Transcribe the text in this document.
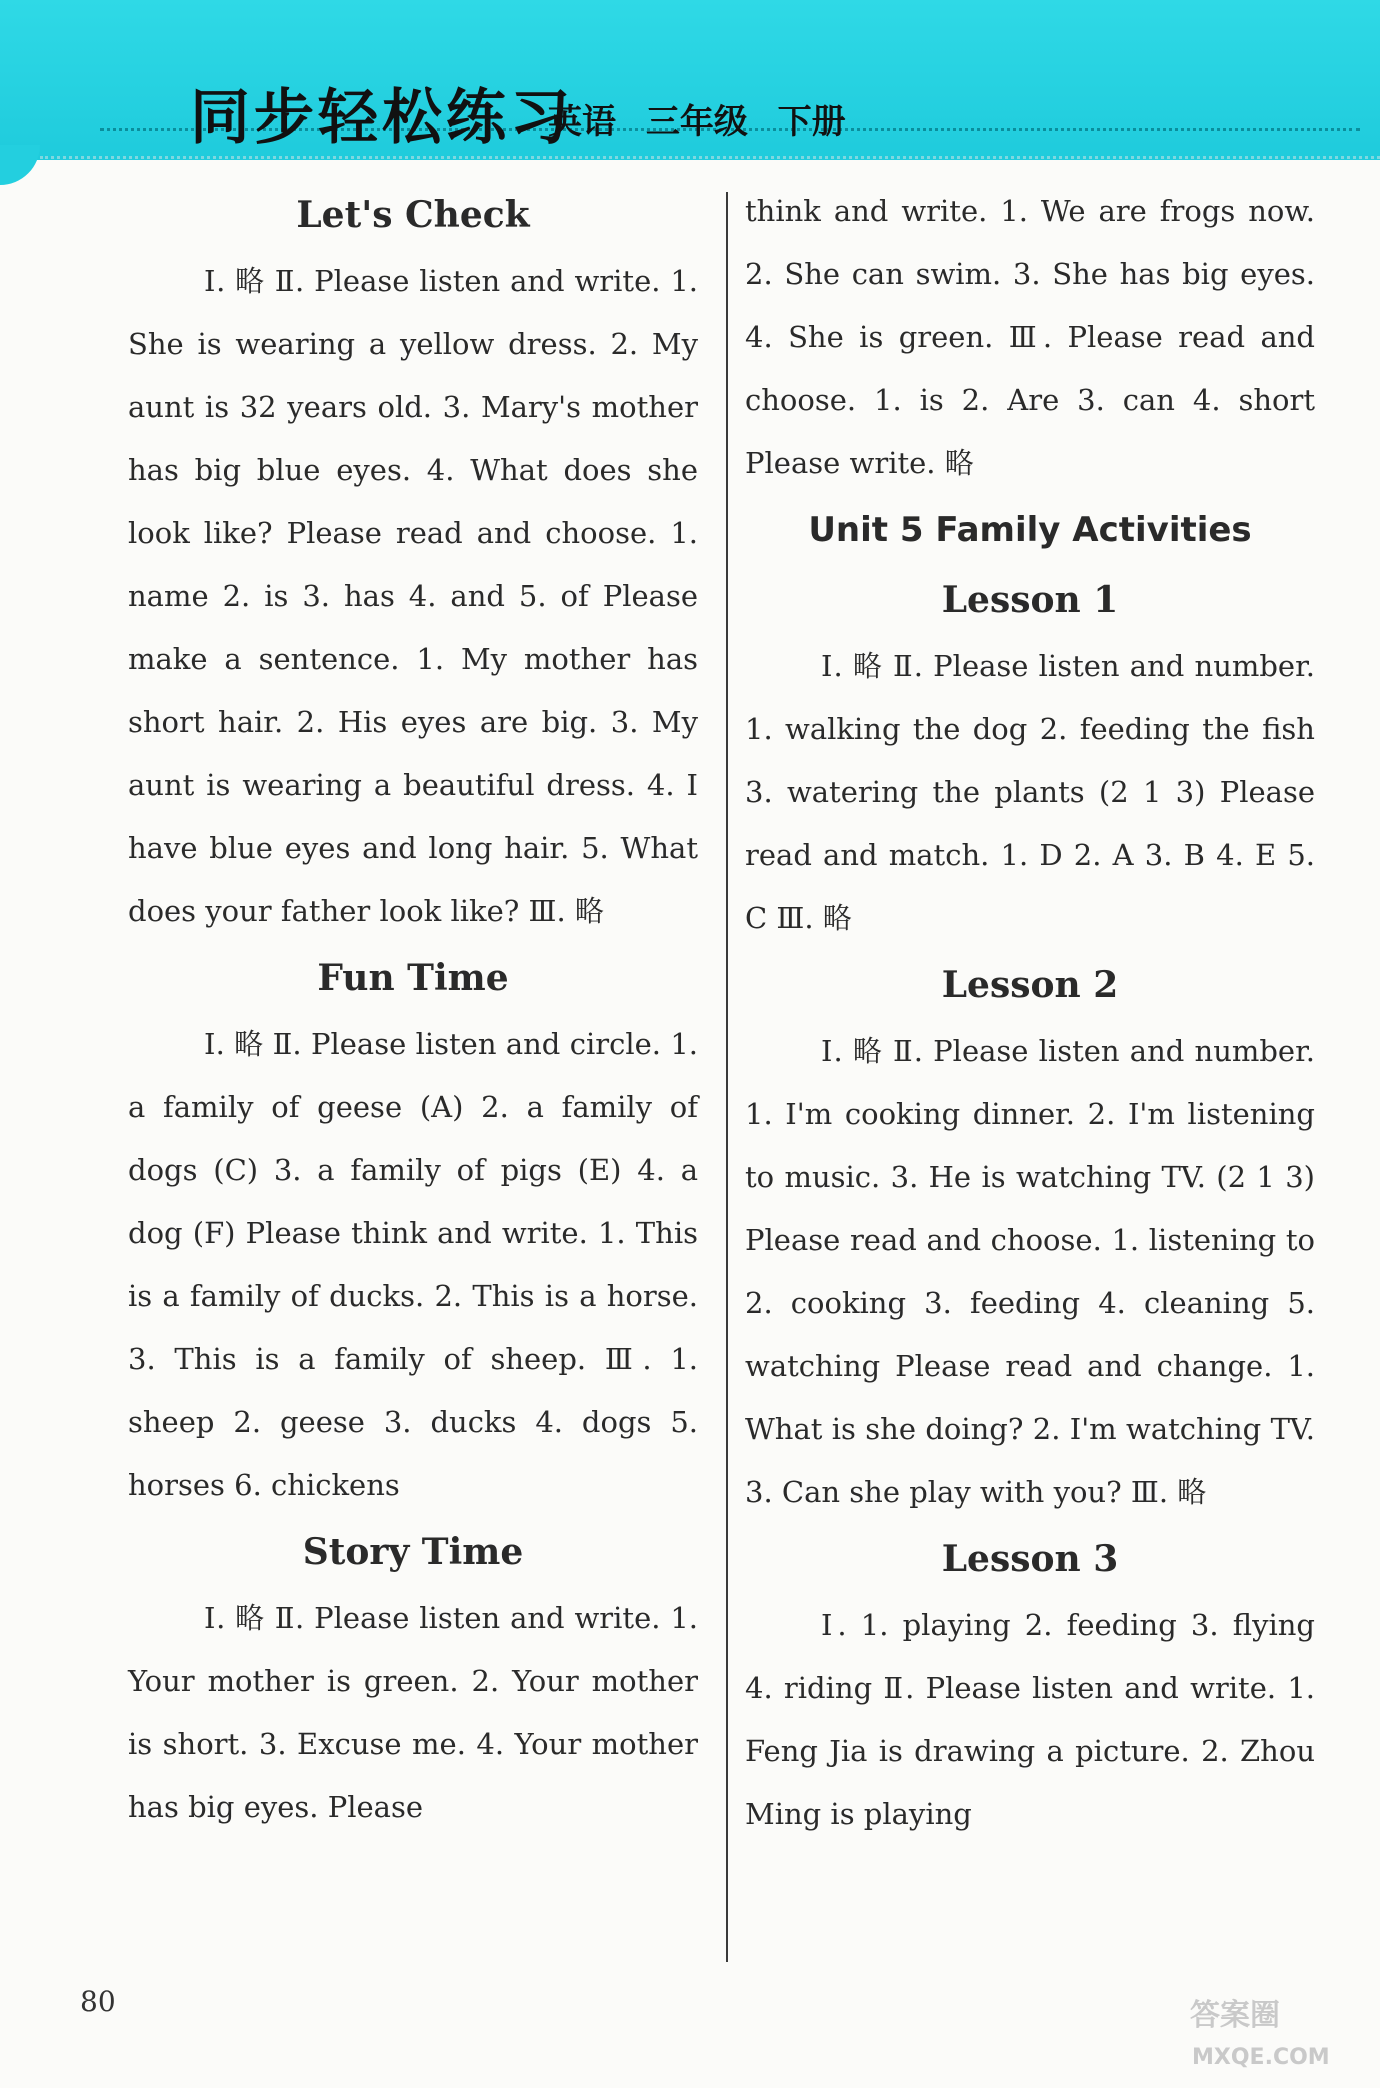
同步轻松练习
英语 三年级 下册
Let's Check

Ⅰ. 略 Ⅱ. Please listen and write. 1. She is wearing a yellow dress. 2. My aunt is 32 years old. 3. Mary's mother has big blue eyes. 4. What does she look like? Please read and choose. 1. name 2. is 3. has 4. and 5. of Please make a sentence. 1. My mother has short hair. 2. His eyes are big. 3. My aunt is wearing a beautiful dress. 4. I have blue eyes and long hair. 5. What does your father look like? Ⅲ. 略

Fun Time

Ⅰ. 略 Ⅱ. Please listen and circle. 1. a family of geese (A) 2. a family of dogs (C) 3. a family of pigs (E) 4. a dog (F) Please think and write. 1. This is a family of ducks. 2. This is a horse. 3. This is a family of sheep. Ⅲ. 1. sheep 2. geese 3. ducks 4. dogs 5. horses 6. chickens

Story Time

Ⅰ. 略 Ⅱ. Please listen and write. 1. Your mother is green. 2. Your mother is short. 3. Excuse me. 4. Your mother has big eyes. Please

think and write. 1. We are frogs now. 2. She can swim. 3. She has big eyes. 4. She is green. Ⅲ. Please read and choose. 1. is 2. Are 3. can 4. short Please write. 略

Unit 5 Family Activities
Lesson 1

Ⅰ. 略 Ⅱ. Please listen and number. 1. walking the dog 2. feeding the fish 3. watering the plants (2 1 3) Please read and match. 1. D 2. A 3. B 4. E 5. C Ⅲ. 略

Lesson 2

Ⅰ. 略 Ⅱ. Please listen and number. 1. I'm cooking dinner. 2. I'm listening to music. 3. He is watching TV. (2 1 3) Please read and choose. 1. listening to 2. cooking 3. feeding 4. cleaning 5. watching Please read and change. 1. What is she doing? 2. I'm watching TV. 3. Can she play with you? Ⅲ. 略

Lesson 3

Ⅰ. 1. playing 2. feeding 3. flying 4. riding Ⅱ. Please listen and write. 1. Feng Jia is drawing a picture. 2. Zhou Ming is playing

80	答案圈
MXQE.COM
